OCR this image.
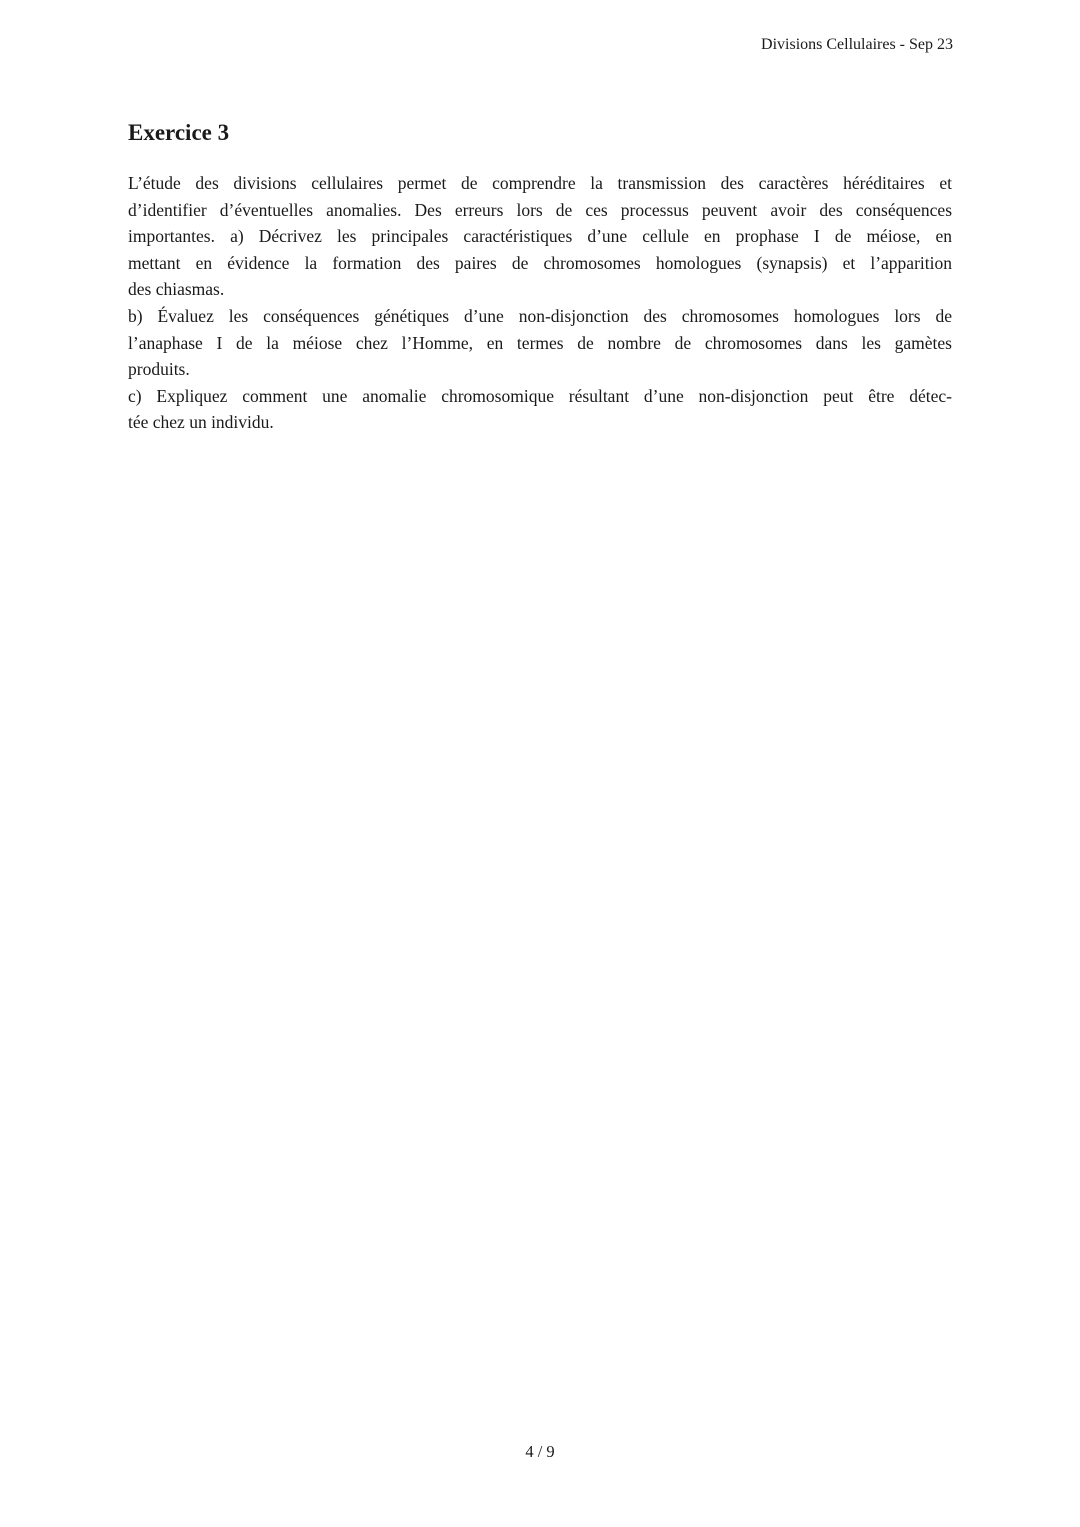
Divisions Cellulaires - Sep 23
Exercice 3
L’étude des divisions cellulaires permet de comprendre la transmission des caractères héréditaires et
d’identifier d’éventuelles anomalies. Des erreurs lors de ces processus peuvent avoir des conséquences
importantes. a) Décrivez les principales caractéristiques d’une cellule en prophase I de méiose, en
mettant en évidence la formation des paires de chromosomes homologues (synapsis) et l’apparition
des chiasmas.
b) Évaluez les conséquences génétiques d’une non-disjonction des chromosomes homologues lors de
l’anaphase I de la méiose chez l’Homme, en termes de nombre de chromosomes dans les gamètes
produits.
c) Expliquez comment une anomalie chromosomique résultant d’une non-disjonction peut être détec-
tée chez un individu.
4 / 9
